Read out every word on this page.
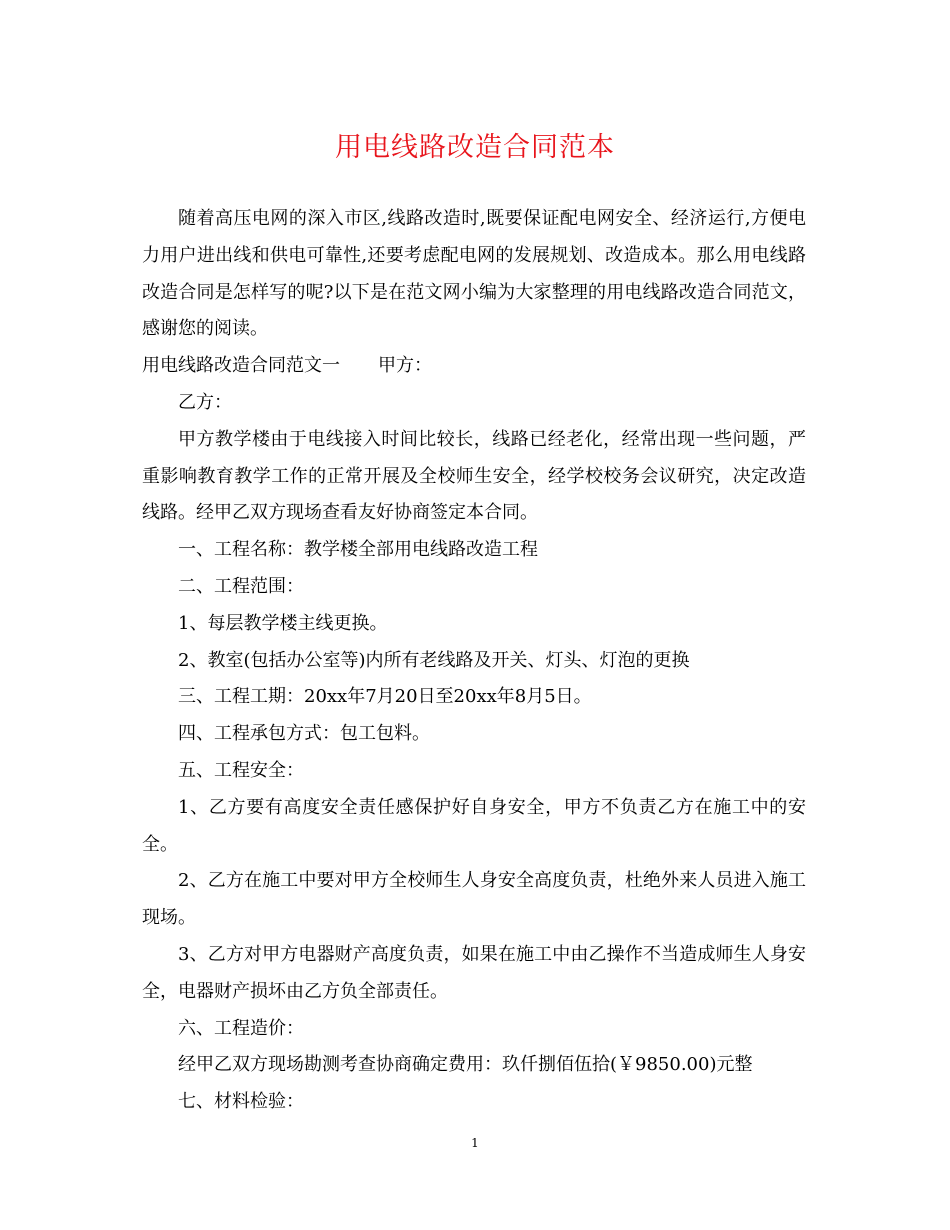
用电线路改造合同范本

随着高压电网的深入市区,线路改造时,既要保证配电网安全、经济运行,方便电力用户进出线和供电可靠性,还要考虑配电网的发展规划、改造成本。那么用电线路改造合同是怎样写的呢?以下是在范文网小编为大家整理的用电线路改造合同范文，感谢您的阅读。

用电线路改造合同范文一 甲方：

乙方：

甲方教学楼由于电线接入时间比较长，线路已经老化，经常出现一些问题，严重影响教育教学工作的正常开展及全校师生安全，经学校校务会议研究，决定改造线路。经甲乙双方现场查看友好协商签定本合同。

一、工程名称：教学楼全部用电线路改造工程

二、工程范围：

1、每层教学楼主线更换。

2、教室(包括办公室等)内所有老线路及开关、灯头、灯泡的更换

三、工程工期：20xx年7月20日至20xx年8月5日。

四、工程承包方式：包工包料。

五、工程安全：

1、乙方要有高度安全责任感保护好自身安全，甲方不负责乙方在施工中的安全。

2、乙方在施工中要对甲方全校师生人身安全高度负责，杜绝外来人员进入施工现场。

3、乙方对甲方电器财产高度负责，如果在施工中由乙操作不当造成师生人身安全，电器财产损坏由乙方负全部责任。

六、工程造价：

经甲乙双方现场勘测考查协商确定费用：玖仟捌佰伍拾(￥9850.00)元整

七、材料检验：

1
